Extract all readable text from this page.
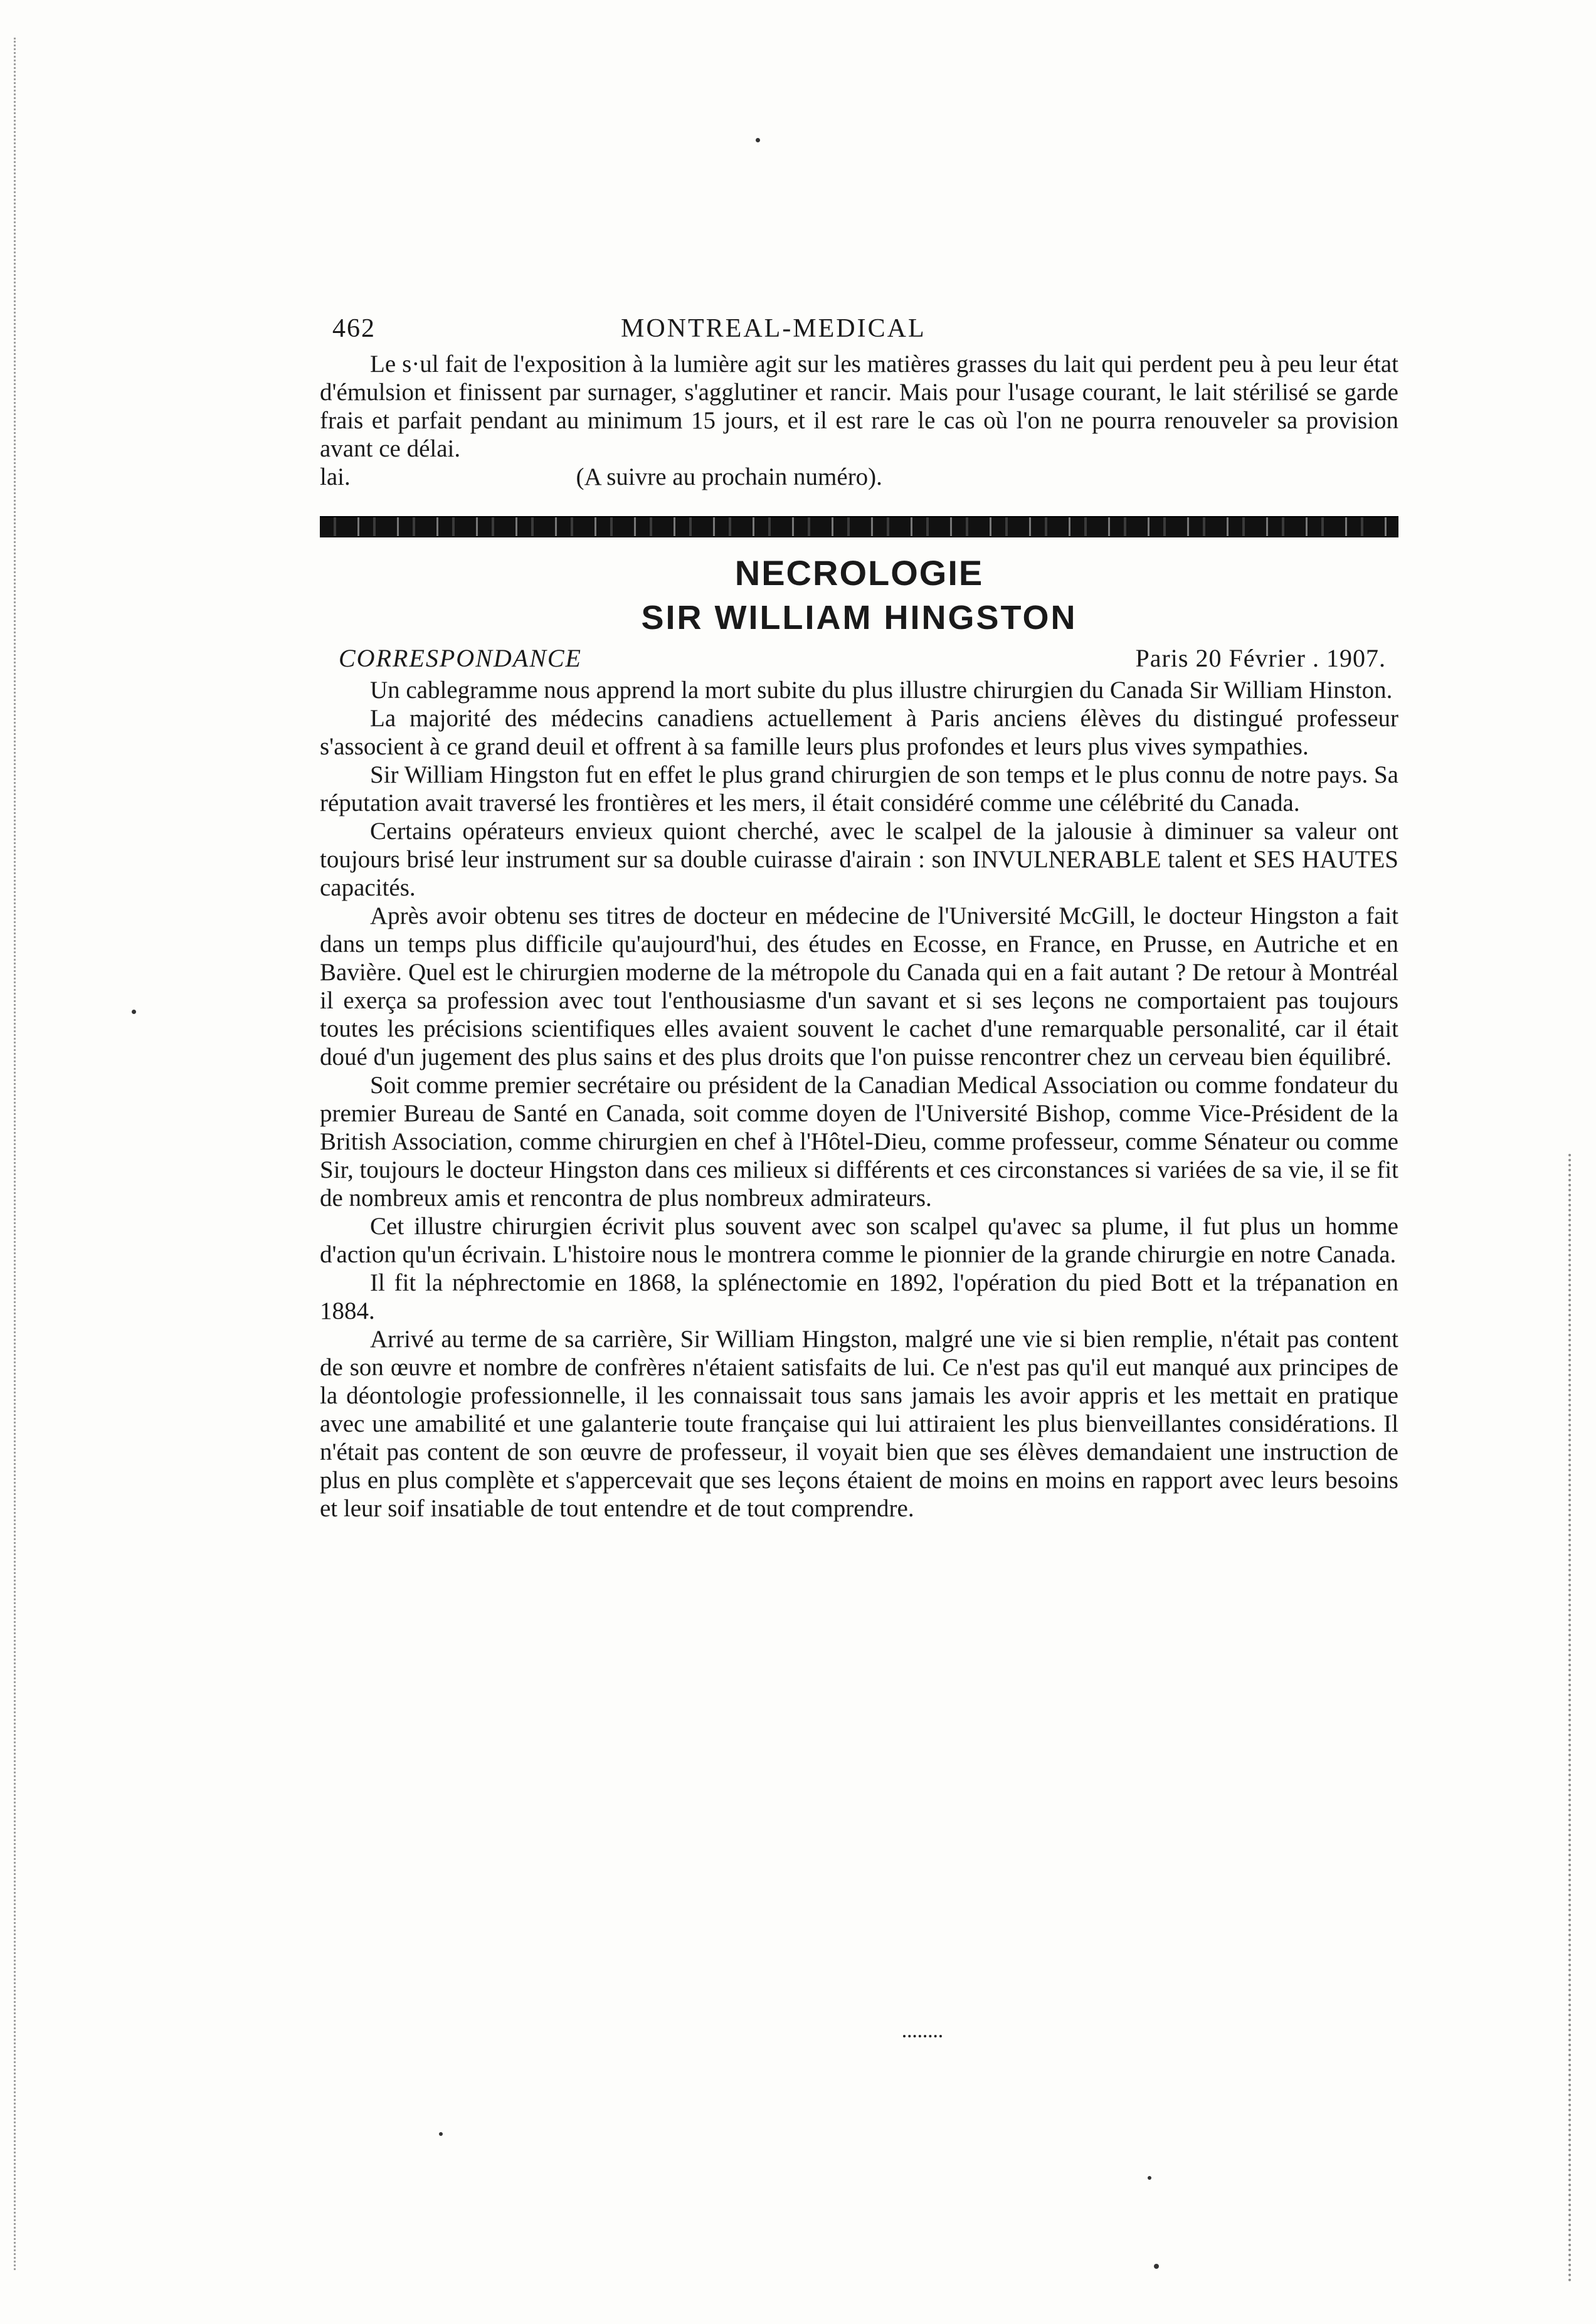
462	MONTREAL-MEDICAL

Le s·ul fait de l'exposition à la lumière agit sur les matières grasses du lait qui perdent peu à peu leur état d'émulsion et finissent par surnager, s'agglutiner et rancir. Mais pour l'usage courant, le lait stérilisé se garde frais et parfait pendant au minimum 15 jours, et il est rare le cas où l'on ne pourra renouveler sa provision avant ce délai.

lai.	(A suivre au prochain numéro).

NECROLOGIE
SIR WILLIAM HINGSTON
CORRESPONDANCE	Paris 20 Février . 1907.

Un cablegramme nous apprend la mort subite du plus illustre chirurgien du Canada Sir William Hinston.

La majorité des médecins canadiens actuellement à Paris anciens élèves du distingué professeur s'associent à ce grand deuil et offrent à sa famille leurs plus profondes et leurs plus vives sympathies.

Sir William Hingston fut en effet le plus grand chirurgien de son temps et le plus connu de notre pays. Sa réputation avait traversé les frontières et les mers, il était considéré comme une célébrité du Canada.

Certains opérateurs envieux quiont cherché, avec le scalpel de la jalousie à diminuer sa valeur ont toujours brisé leur instrument sur sa double cuirasse d'airain : son INVULNERABLE talent et SES HAUTES capacités.

Après avoir obtenu ses titres de docteur en médecine de l'Université McGill, le docteur Hingston a fait dans un temps plus difficile qu'aujourd'hui, des études en Ecosse, en France, en Prusse, en Autriche et en Bavière. Quel est le chirurgien moderne de la métropole du Canada qui en a fait autant ? De retour à Montréal il exerça sa profession avec tout l'enthousiasme d'un savant et si ses leçons ne comportaient pas toujours toutes les précisions scientifiques elles avaient souvent le cachet d'une remarquable personalité, car il était doué d'un jugement des plus sains et des plus droits que l'on puisse rencontrer chez un cerveau bien équilibré.

Soit comme premier secrétaire ou président de la Canadian Medical Association ou comme fondateur du premier Bureau de Santé en Canada, soit comme doyen de l'Université Bishop, comme Vice-Président de la British Association, comme chirurgien en chef à l'Hôtel-Dieu, comme professeur, comme Sénateur ou comme Sir, toujours le docteur Hingston dans ces milieux si différents et ces circonstances si variées de sa vie, il se fit de nombreux amis et rencontra de plus nombreux admirateurs.

Cet illustre chirurgien écrivit plus souvent avec son scalpel qu'avec sa plume, il fut plus un homme d'action qu'un écrivain. L'histoire nous le montrera comme le pionnier de la grande chirurgie en notre Canada.

Il fit la néphrectomie en 1868, la splénectomie en 1892, l'opération du pied Bott et la trépanation en 1884.

Arrivé au terme de sa carrière, Sir William Hingston, malgré une vie si bien remplie, n'était pas content de son œuvre et nombre de confrères n'étaient satisfaits de lui. Ce n'est pas qu'il eut manqué aux principes de la déontologie professionnelle, il les connaissait tous sans jamais les avoir appris et les mettait en pratique avec une amabilité et une galanterie toute française qui lui attiraient les plus bienveillantes considérations. Il n'était pas content de son œuvre de professeur, il voyait bien que ses élèves demandaient une instruction de plus en plus complète et s'appercevait que ses leçons étaient de moins en moins en rapport avec leurs besoins et leur soif insatiable de tout entendre et de tout comprendre.
